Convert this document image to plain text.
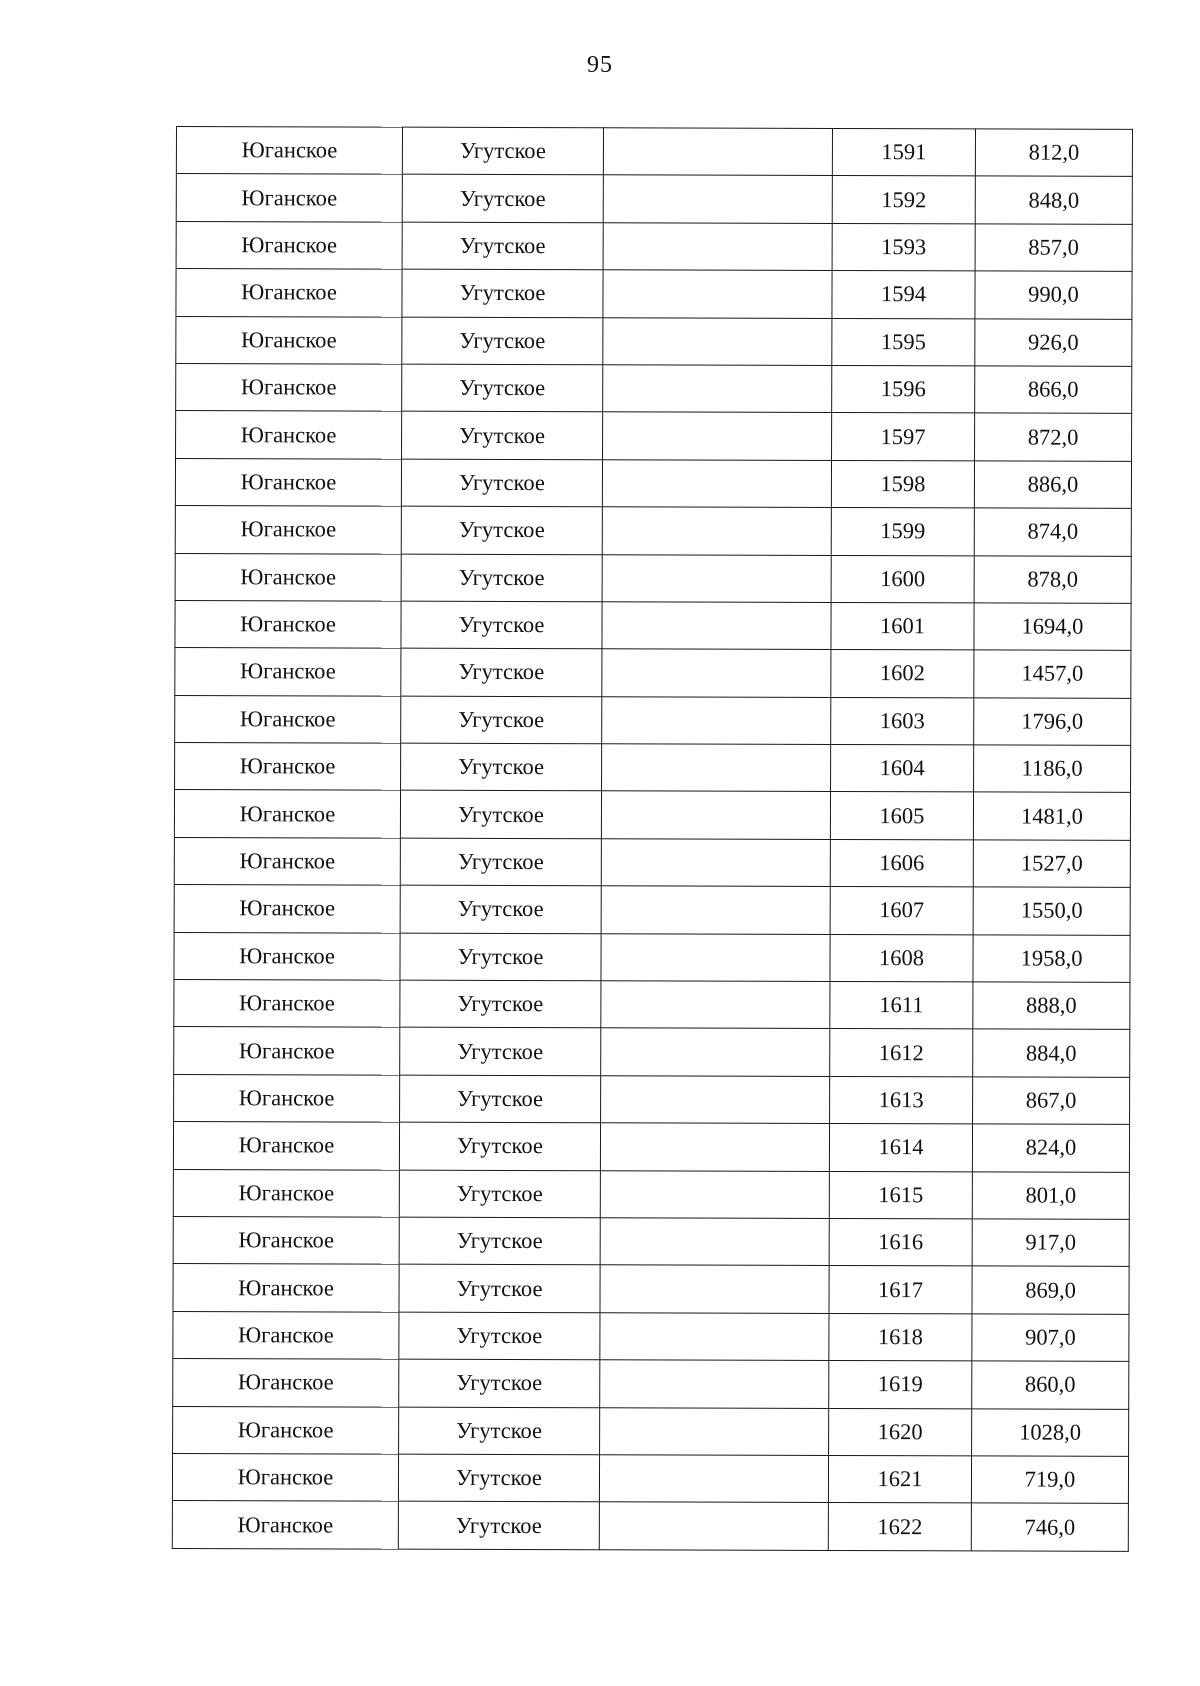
95
Юганское	Угутское		1591	812,0
Юганское	Угутское		1592	848,0
Юганское	Угутское		1593	857,0
Юганское	Угутское		1594	990,0
Юганское	Угутское		1595	926,0
Юганское	Угутское		1596	866,0
Юганское	Угутское		1597	872,0
Юганское	Угутское		1598	886,0
Юганское	Угутское		1599	874,0
Юганское	Угутское		1600	878,0
Юганское	Угутское		1601	1694,0
Юганское	Угутское		1602	1457,0
Юганское	Угутское		1603	1796,0
Юганское	Угутское		1604	1186,0
Юганское	Угутское		1605	1481,0
Юганское	Угутское		1606	1527,0
Юганское	Угутское		1607	1550,0
Юганское	Угутское		1608	1958,0
Юганское	Угутское		1611	888,0
Юганское	Угутское		1612	884,0
Юганское	Угутское		1613	867,0
Юганское	Угутское		1614	824,0
Юганское	Угутское		1615	801,0
Юганское	Угутское		1616	917,0
Юганское	Угутское		1617	869,0
Юганское	Угутское		1618	907,0
Юганское	Угутское		1619	860,0
Юганское	Угутское		1620	1028,0
Юганское	Угутское		1621	719,0
Юганское	Угутское		1622	746,0
